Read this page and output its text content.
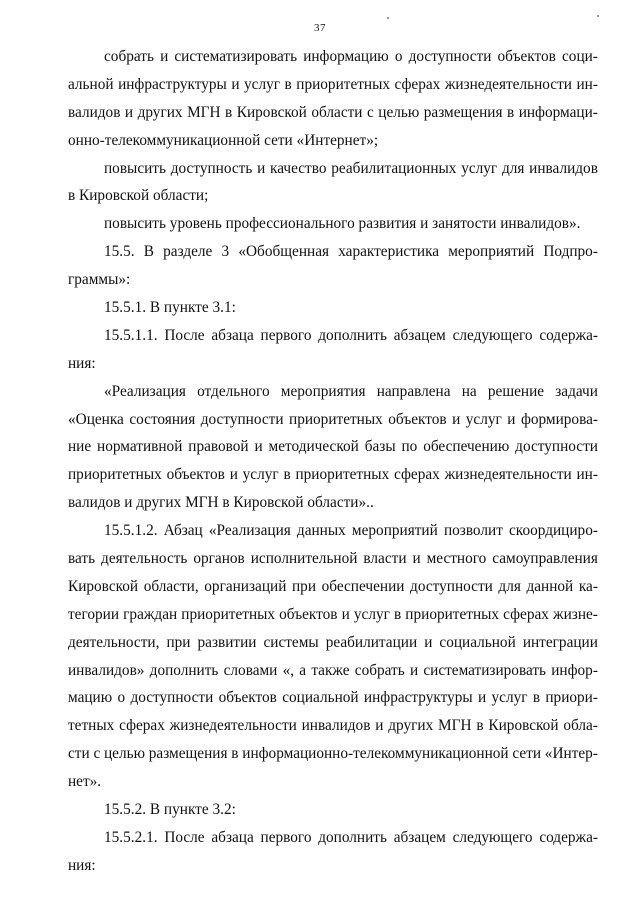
37
собрать и систематизировать информацию о доступности объектов соци-
альной инфраструктуры и услуг в приоритетных сферах жизнедеятельности ин-
валидов и других МГН в Кировской области с целью размещения в информаци-
онно-телекоммуникационной сети «Интернет»;
повысить доступность и качество реабилитационных услуг для инвалидов
в Кировской области;
повысить уровень профессионального развития и занятости инвалидов».
15.5. В разделе 3 «Обобщенная характеристика мероприятий Подпро-
граммы»:
15.5.1. В пункте 3.1:
15.5.1.1. После абзаца первого дополнить абзацем следующего содержа-
ния:
«Реализация отдельного мероприятия направлена на решение задачи
«Оценка состояния доступности приоритетных объектов и услуг и формирова-
ние нормативной правовой и методической базы по обеспечению доступности
приоритетных объектов и услуг в приоритетных сферах жизнедеятельности ин-
валидов и других МГН в Кировской области»..
15.5.1.2. Абзац «Реализация данных мероприятий позволит скоордициро-
вать деятельность органов исполнительной власти и местного самоуправления
Кировской области, организаций при обеспечении доступности для данной ка-
тегории граждан приоритетных объектов и услуг в приоритетных сферах жизне-
деятельности, при развитии системы реабилитации и социальной интеграции
инвалидов» дополнить словами «, а также собрать и систематизировать инфор-
мацию о доступности объектов социальной инфраструктуры и услуг в приори-
тетных сферах жизнедеятельности инвалидов и других МГН в Кировской обла-
сти с целью размещения в информационно-телекоммуникационной сети «Интер-
нет».
15.5.2. В пункте 3.2:
15.5.2.1. После абзаца первого дополнить абзацем следующего содержа-
ния:
